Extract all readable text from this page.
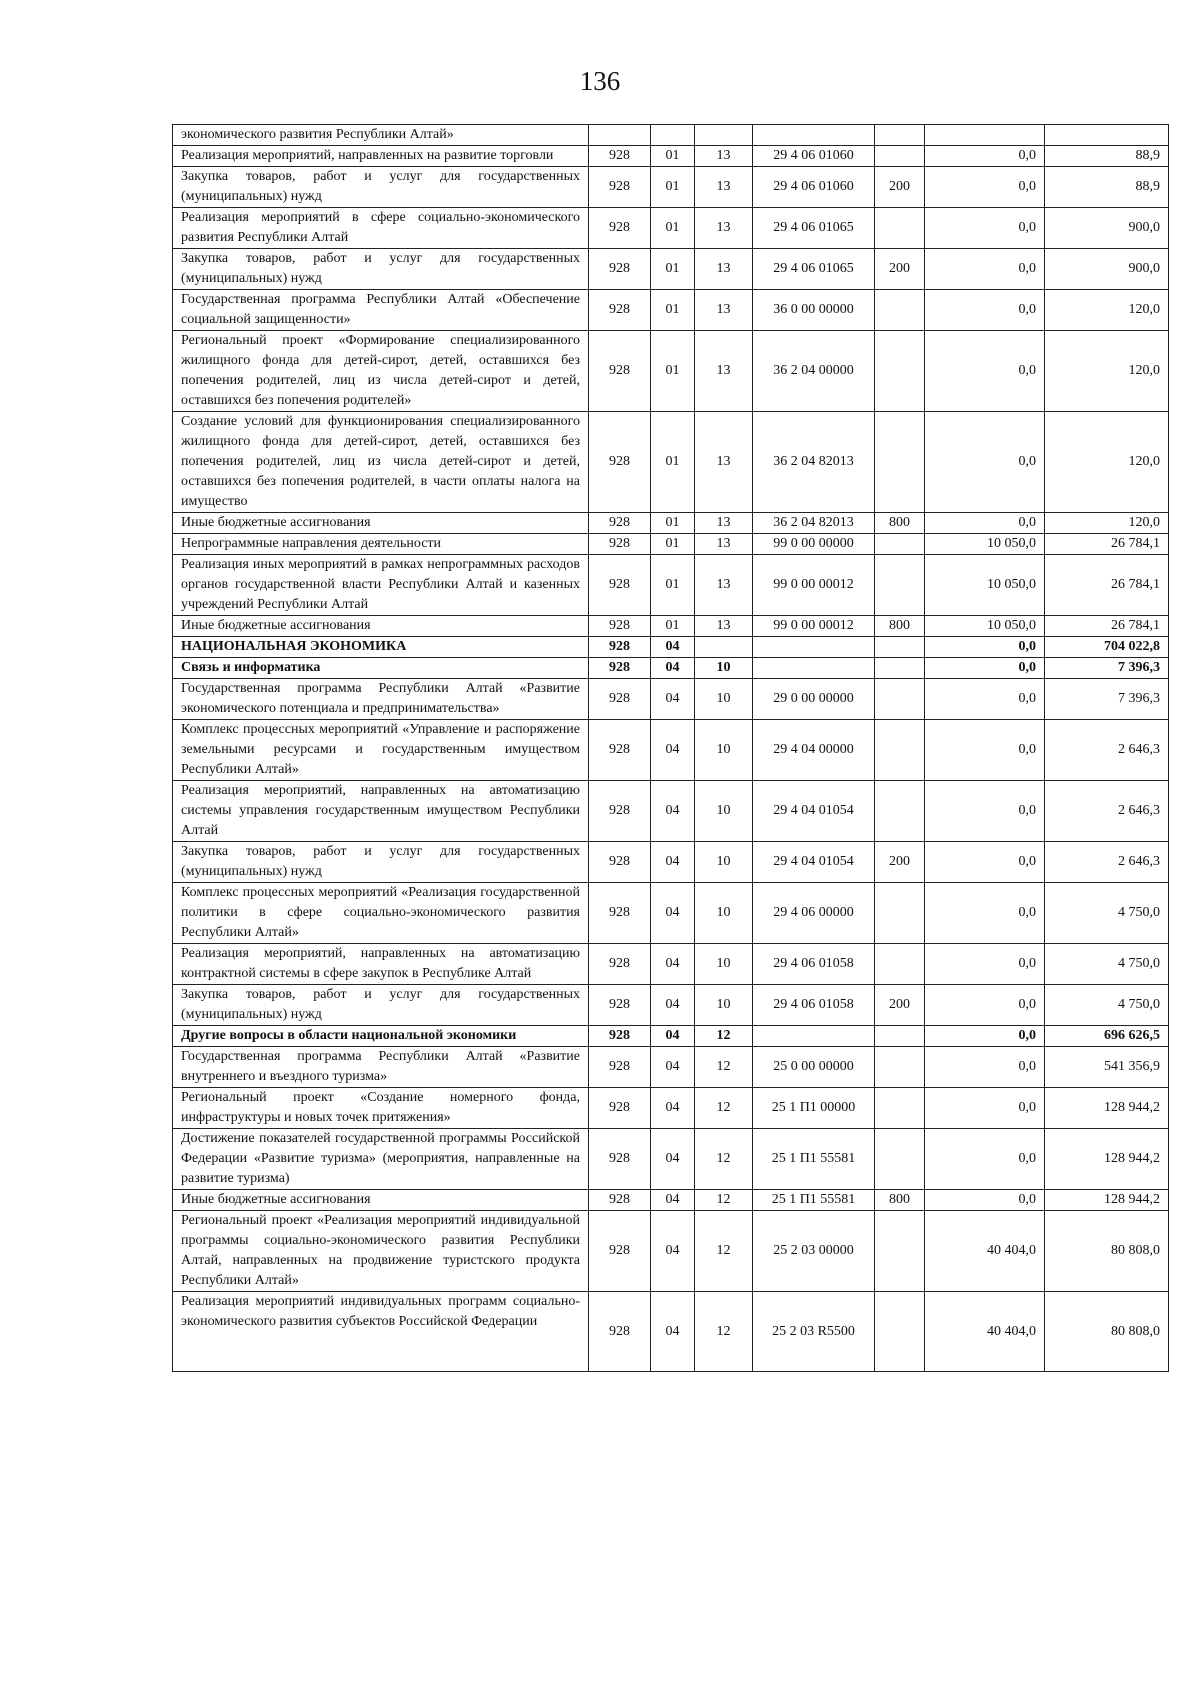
136
экономического развития Республики Алтай»							
Реализация мероприятий, направленных на развитие торговли	928	01	13	29 4 06 01060		0,0	88,9
Закупка товаров, работ и услуг для государственных (муниципальных) нужд	928	01	13	29 4 06 01060	200	0,0	88,9
Реализация мероприятий в сфере социально-экономического развития Республики Алтай	928	01	13	29 4 06 01065		0,0	900,0
Закупка товаров, работ и услуг для государственных (муниципальных) нужд	928	01	13	29 4 06 01065	200	0,0	900,0
Государственная программа Республики Алтай «Обеспечение социальной защищенности»	928	01	13	36 0 00 00000		0,0	120,0
Региональный проект «Формирование специализированного жилищного фонда для детей-сирот, детей, оставшихся без попечения родителей, лиц из числа детей-сирот и детей, оставшихся без попечения родителей»	928	01	13	36 2 04 00000		0,0	120,0
Создание условий для функционирования специализированного жилищного фонда для детей-сирот, детей, оставшихся без попечения родителей, лиц из числа детей-сирот и детей, оставшихся без попечения родителей, в части оплаты налога на имущество	928	01	13	36 2 04 82013		0,0	120,0
Иные бюджетные ассигнования	928	01	13	36 2 04 82013	800	0,0	120,0
Непрограммные направления деятельности	928	01	13	99 0 00 00000		10 050,0	26 784,1
Реализация иных мероприятий в рамках непрограммных расходов органов государственной власти Республики Алтай и казенных учреждений Республики Алтай	928	01	13	99 0 00 00012		10 050,0	26 784,1
Иные бюджетные ассигнования	928	01	13	99 0 00 00012	800	10 050,0	26 784,1
НАЦИОНАЛЬНАЯ ЭКОНОМИКА	928	04				0,0	704 022,8
Связь и информатика	928	04	10			0,0	7 396,3
Государственная программа Республики Алтай «Развитие экономического потенциала и предпринимательства»	928	04	10	29 0 00 00000		0,0	7 396,3
Комплекс процессных мероприятий «Управление и распоряжение земельными ресурсами и государственным имуществом Республики Алтай»	928	04	10	29 4 04 00000		0,0	2 646,3
Реализация мероприятий, направленных на автоматизацию системы управления государственным имуществом Республики Алтай	928	04	10	29 4 04 01054		0,0	2 646,3
Закупка товаров, работ и услуг для государственных (муниципальных) нужд	928	04	10	29 4 04 01054	200	0,0	2 646,3
Комплекс процессных мероприятий «Реализация государственной политики в сфере социально-экономического развития Республики Алтай»	928	04	10	29 4 06 00000		0,0	4 750,0
Реализация мероприятий, направленных на автоматизацию контрактной системы в сфере закупок в Республике Алтай	928	04	10	29 4 06 01058		0,0	4 750,0
Закупка товаров, работ и услуг для государственных (муниципальных) нужд	928	04	10	29 4 06 01058	200	0,0	4 750,0
Другие вопросы в области национальной экономики	928	04	12			0,0	696 626,5
Государственная программа Республики Алтай «Развитие внутреннего и въездного туризма»	928	04	12	25 0 00 00000		0,0	541 356,9
Региональный проект «Создание номерного фонда, инфраструктуры и новых точек притяжения»	928	04	12	25 1 П1 00000		0,0	128 944,2
Достижение показателей государственной программы Российской Федерации «Развитие туризма» (мероприятия, направленные на развитие туризма)	928	04	12	25 1 П1 55581		0,0	128 944,2
Иные бюджетные ассигнования	928	04	12	25 1 П1 55581	800	0,0	128 944,2
Региональный проект «Реализация мероприятий индивидуальной программы социально-экономического развития Республики Алтай, направленных на продвижение туристского продукта Республики Алтай»	928	04	12	25 2 03 00000		40 404,0	80 808,0
Реализация мероприятий индивидуальных программ социально-экономического развития субъектов Российской Федерации	928	04	12	25 2 03 R5500		40 404,0	80 808,0
